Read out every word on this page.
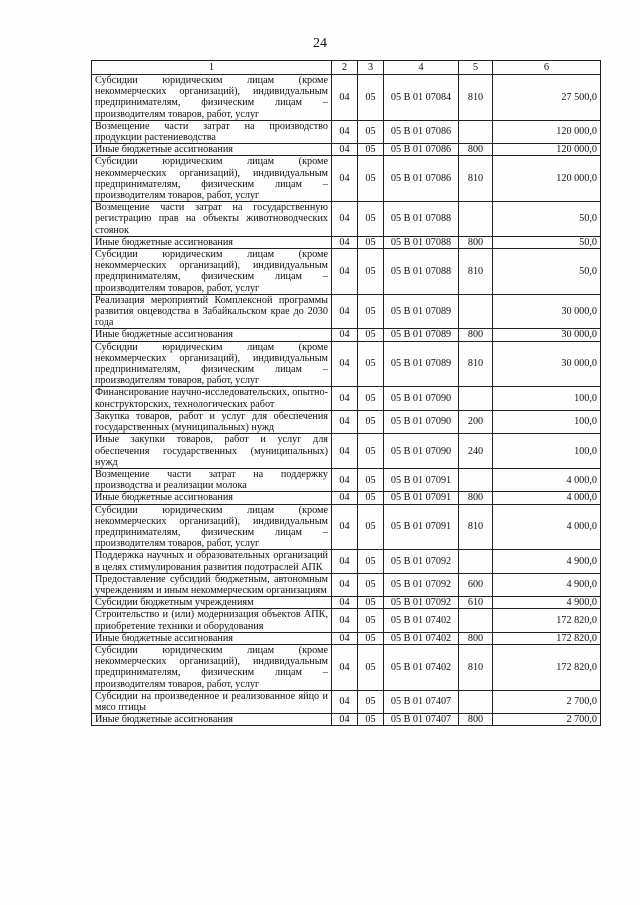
24
1	2	3	4	5	6
Субсидии юридическим лицам (кроме некоммерческих организаций), индивидуальным предпринимателям, физическим лицам – производителям товаров, работ, услуг	04	05	05 В 01 07084	810	27 500,0
Возмещение части затрат на производство продукции растениеводства	04	05	05 В 01 07086		120 000,0
Иные бюджетные ассигнования	04	05	05 В 01 07086	800	120 000,0
Субсидии юридическим лицам (кроме некоммерческих организаций), индивидуальным предпринимателям, физическим лицам – производителям товаров, работ, услуг	04	05	05 В 01 07086	810	120 000,0
Возмещение части затрат на государственную регистрацию прав на объекты животноводческих стоянок	04	05	05 В 01 07088		50,0
Иные бюджетные ассигнования	04	05	05 В 01 07088	800	50,0
Субсидии юридическим лицам (кроме некоммерческих организаций), индивидуальным предпринимателям, физическим лицам – производителям товаров, работ, услуг	04	05	05 В 01 07088	810	50,0
Реализация мероприятий Комплексной программы развития овцеводства в Забайкальском крае до 2030 года	04	05	05 В 01 07089		30 000,0
Иные бюджетные ассигнования	04	05	05 В 01 07089	800	30 000,0
Субсидии юридическим лицам (кроме некоммерческих организаций), индивидуальным предпринимателям, физическим лицам – производителям товаров, работ, услуг	04	05	05 В 01 07089	810	30 000,0
Финансирование научно-исследовательских, опытно-конструкторских, технологических работ	04	05	05 В 01 07090		100,0
Закупка товаров, работ и услуг для обеспечения государственных (муниципальных) нужд	04	05	05 В 01 07090	200	100,0
Иные закупки товаров, работ и услуг для обеспечения государственных (муниципальных) нужд	04	05	05 В 01 07090	240	100,0
Возмещение части затрат на поддержку производства и реализации молока	04	05	05 В 01 07091		4 000,0
Иные бюджетные ассигнования	04	05	05 В 01 07091	800	4 000,0
Субсидии юридическим лицам (кроме некоммерческих организаций), индивидуальным предпринимателям, физическим лицам – производителям товаров, работ, услуг	04	05	05 В 01 07091	810	4 000,0
Поддержка научных и образовательных организаций в целях стимулирования развития подотраслей АПК	04	05	05 В 01 07092		4 900,0
Предоставление субсидий бюджетным, автономным учреждениям и иным некоммерческим организациям	04	05	05 В 01 07092	600	4 900,0
Субсидии бюджетным учреждениям	04	05	05 В 01 07092	610	4 900,0
Строительство и (или) модернизация объектов АПК, приобретение техники и оборудования	04	05	05 В 01 07402		172 820,0
Иные бюджетные ассигнования	04	05	05 В 01 07402	800	172 820,0
Субсидии юридическим лицам (кроме некоммерческих организаций), индивидуальным предпринимателям, физическим лицам – производителям товаров, работ, услуг	04	05	05 В 01 07402	810	172 820,0
Субсидии на произведенное и реализованное яйцо и мясо птицы	04	05	05 В 01 07407		2 700,0
Иные бюджетные ассигнования	04	05	05 В 01 07407	800	2 700,0
